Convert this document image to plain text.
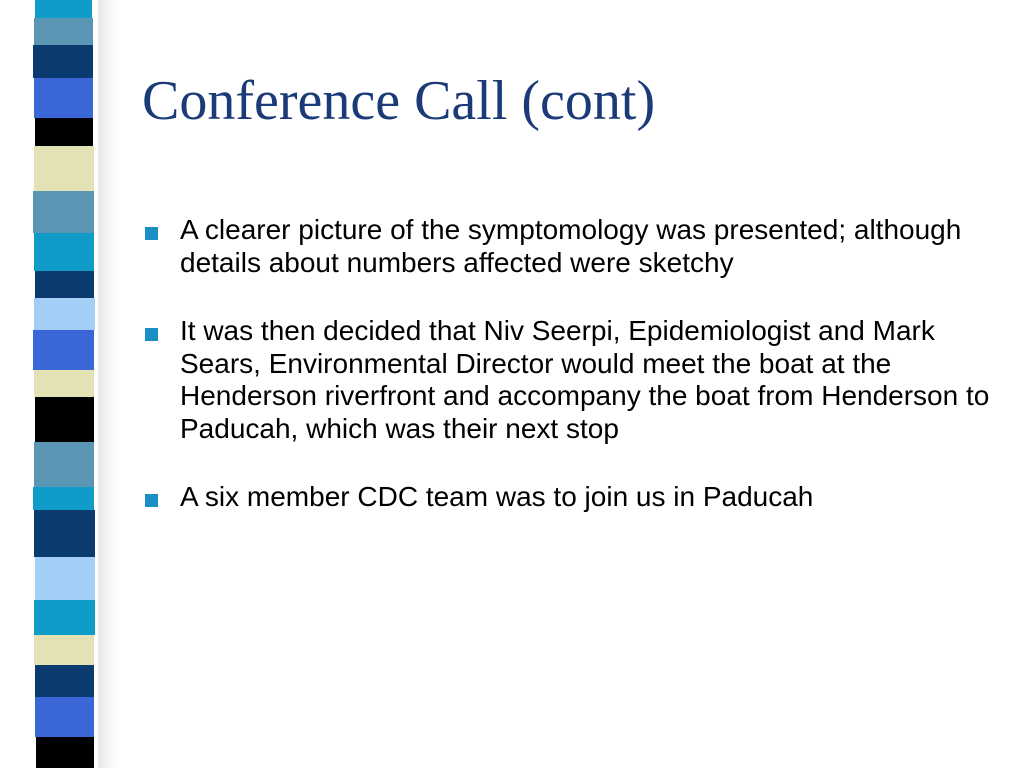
Conference Call (cont)
A clearer picture of the symptomology was presented; although details about numbers affected were sketchy
It was then decided that Niv Seerpi, Epidemiologist and Mark Sears, Environmental Director would meet the boat at the Henderson riverfront and accompany the boat from Henderson to Paducah, which was their next stop
A six member CDC team was to join us in Paducah
